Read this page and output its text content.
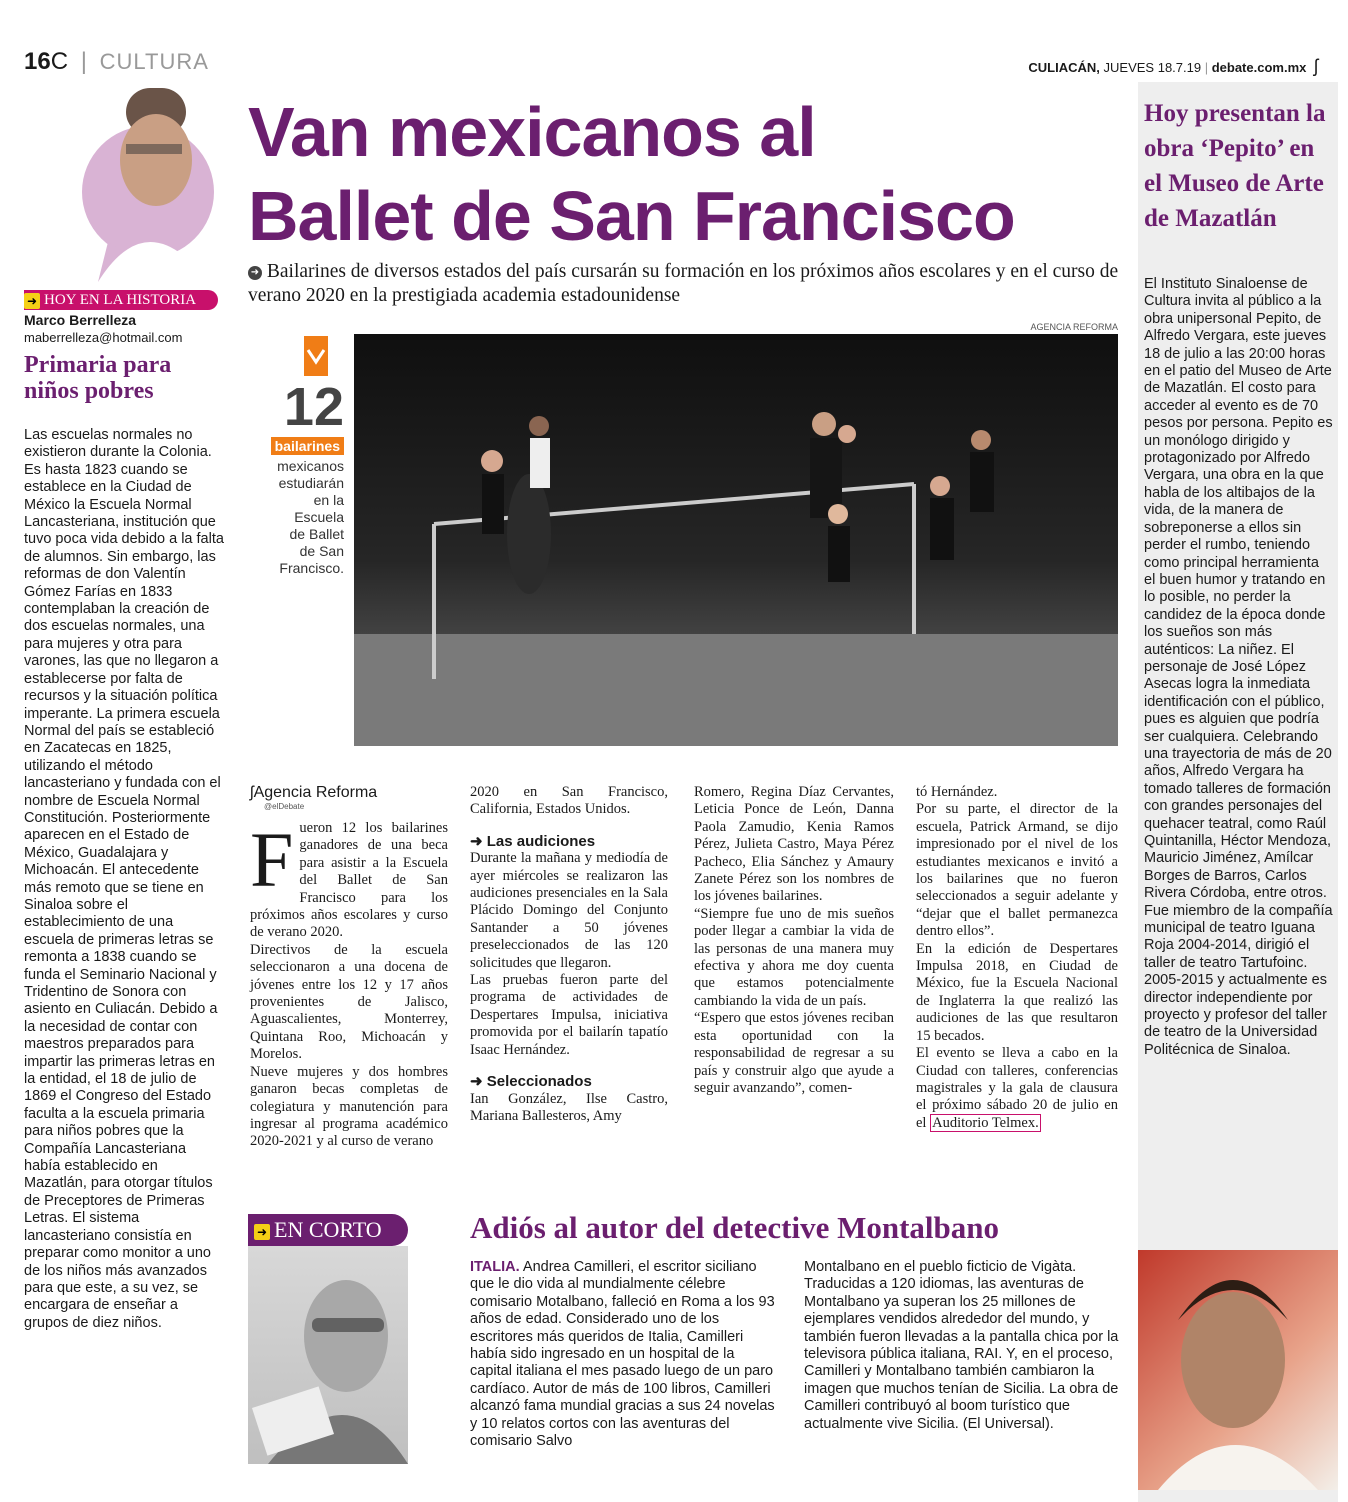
16C | CULTURA	CULIACÁN, JUEVES 18.7.19 | debate.com.mx ʃ
➜ HOY EN LA HISTORIA
Marco Berrelleza
maberrelleza@hotmail.com
Primaria para niños pobres
Las escuelas normales no existieron durante la Colonia. Es hasta 1823 cuando se establece en la Ciudad de México la Escuela Normal Lancasteriana, institución que tuvo poca vida debido a la falta de alumnos. Sin embargo, las reformas de don Valentín Gómez Farías en 1833 contemplaban la creación de dos escuelas normales, una para mujeres y otra para varones, las que no llegaron a establecerse por falta de recursos y la situación política imperante. La primera escuela Normal del país se estableció en Zacatecas en 1825, utilizando el método lancasteriano y fundada con el nombre de Escuela Normal Constitución. Posteriormente aparecen en el Estado de México, Guadalajara y Michoacán. El antecedente más remoto que se tiene en Sinaloa sobre el establecimiento de una escuela de primeras letras se remonta a 1838 cuando se funda el Seminario Nacional y Tridentino de Sonora con asiento en Culiacán. Debido a la necesidad de contar con maestros preparados para impartir las primeras letras en la entidad, el 18 de julio de 1869 el Congreso del Estado faculta a la escuela primaria para niños pobres que la Compañía Lancasteriana había establecido en Mazatlán, para otorgar títulos de Preceptores de Primeras Letras. El sistema lancasteriano consistía en preparar como monitor a uno de los niños más avanzados para que este, a su vez, se encargara de enseñar a grupos de diez niños.
Van mexicanos al
Ballet de San Francisco
➜ Bailarines de diversos estados del país cursarán su formación en los próximos años escolares y en el curso de verano 2020 en la prestigiada academia estadounidense
AGENCIA REFORMA
12
bailarines
mexicanos estudiarán en la Escuela de Ballet de San Francisco.
ʃAgencia Reforma
@elDebate
F ueron 12 los bailarines ganadores de una beca para asistir a la Escuela del Ballet de San Francisco para los próximos años escolares y curso de verano 2020.
Directivos de la escuela seleccionaron a una docena de jóvenes entre los 12 y 17 años provenientes de Jalisco, Aguascalientes, Monterrey, Quintana Roo, Michoacán y Morelos.
Nueve mujeres y dos hombres ganaron becas completas de colegiatura y manutención para ingresar al programa académico 2020-2021 y al curso de verano
2020 en San Francisco, California, Estados Unidos.
➜ Las audiciones
Durante la mañana y mediodía de ayer miércoles se realizaron las audiciones presenciales en la Sala Plácido Domingo del Conjunto Santander a 50 jóvenes preseleccionados de las 120 solicitudes que llegaron.
Las pruebas fueron parte del programa de actividades de Despertares Impulsa, iniciativa promovida por el bailarín tapatío Isaac Hernández.
➜ Seleccionados
Ian González, Ilse Castro, Mariana Ballesteros, Amy
Romero, Regina Díaz Cervantes, Leticia Ponce de León, Danna Paola Zamudio, Kenia Ramos Pérez, Julieta Castro, Maya Pérez Pacheco, Elia Sánchez y Amaury Zanete Pérez son los nombres de los jóvenes bailarines.
“Siempre fue uno de mis sueños poder llegar a cambiar la vida de las personas de una manera muy efectiva y ahora me doy cuenta que estamos potencialmente cambiando la vida de un país.
“Espero que estos jóvenes reciban esta oportunidad con la responsabilidad de regresar a su país y construir algo que ayude a seguir avanzando”, comen-
tó Hernández.
Por su parte, el director de la escuela, Patrick Armand, se dijo impresionado por el nivel de los estudiantes mexicanos e invitó a los bailarines que no fueron seleccionados a seguir adelante y “dejar que el ballet permanezca dentro ellos”.
En la edición de Despertares Impulsa 2018, en Ciudad de México, fue la Escuela Nacional de Inglaterra la que realizó las audiciones de las que resultaron 15 becados.
El evento se lleva a cabo en la Ciudad con talleres, conferencias magistrales y la gala de clausura el próximo sábado 20 de julio en el Auditorio Telmex.
Hoy presentan la obra ‘Pepito’ en el Museo de Arte de Mazatlán
El Instituto Sinaloense de Cultura invita al público a la obra unipersonal Pepito, de Alfredo Vergara, este jueves 18 de julio a las 20:00 horas en el patio del Museo de Arte de Mazatlán. El costo para acceder al evento es de 70 pesos por persona. Pepito es un monólogo dirigido y protagonizado por Alfredo Vergara, una obra en la que habla de los altibajos de la vida, de la manera de sobreponerse a ellos sin perder el rumbo, teniendo como principal herramienta el buen humor y tratando en lo posible, no perder la candidez de la época donde los sueños son más auténticos: La niñez. El personaje de José López Asecas logra la inmediata identificación con el público, pues es alguien que podría ser cualquiera. Celebrando una trayectoria de más de 20 años, Alfredo Vergara ha tomado talleres de formación con grandes personajes del quehacer teatral, como Raúl Quintanilla, Héctor Mendoza, Mauricio Jiménez, Amílcar Borges de Barros, Carlos Rivera Córdoba, entre otros. Fue miembro de la compañía municipal de teatro Iguana Roja 2004-2014, dirigió el taller de teatro Tartufoinc. 2005-2015 y actualmente es director independiente por proyecto y profesor del taller de teatro de la Universidad Politécnica de Sinaloa.
➜ EN CORTO	Adiós al autor del detective Montalbano
ITALIA. Andrea Camilleri, el escritor siciliano que le dio vida al mundialmente célebre comisario Motalbano, falleció en Roma a los 93 años de edad. Considerado uno de los escritores más queridos de Italia, Camilleri había sido ingresado en un hospital de la capital italiana el mes pasado luego de un paro cardíaco. Autor de más de 100 libros, Camilleri alcanzó fama mundial gracias a sus 24 novelas y 10 relatos cortos con las aventuras del comisario Salvo
Montalbano en el pueblo ficticio de Vigàta. Traducidas a 120 idiomas, las aventuras de Montalbano ya superan los 25 millones de ejemplares vendidos alrededor del mundo, y también fueron llevadas a la pantalla chica por la televisora pública italiana, RAI. Y, en el proceso, Camilleri y Montalbano también cambiaron la imagen que muchos tenían de Sicilia. La obra de Camilleri contribuyó al boom turístico que actualmente vive Sicilia. (El Universal).
